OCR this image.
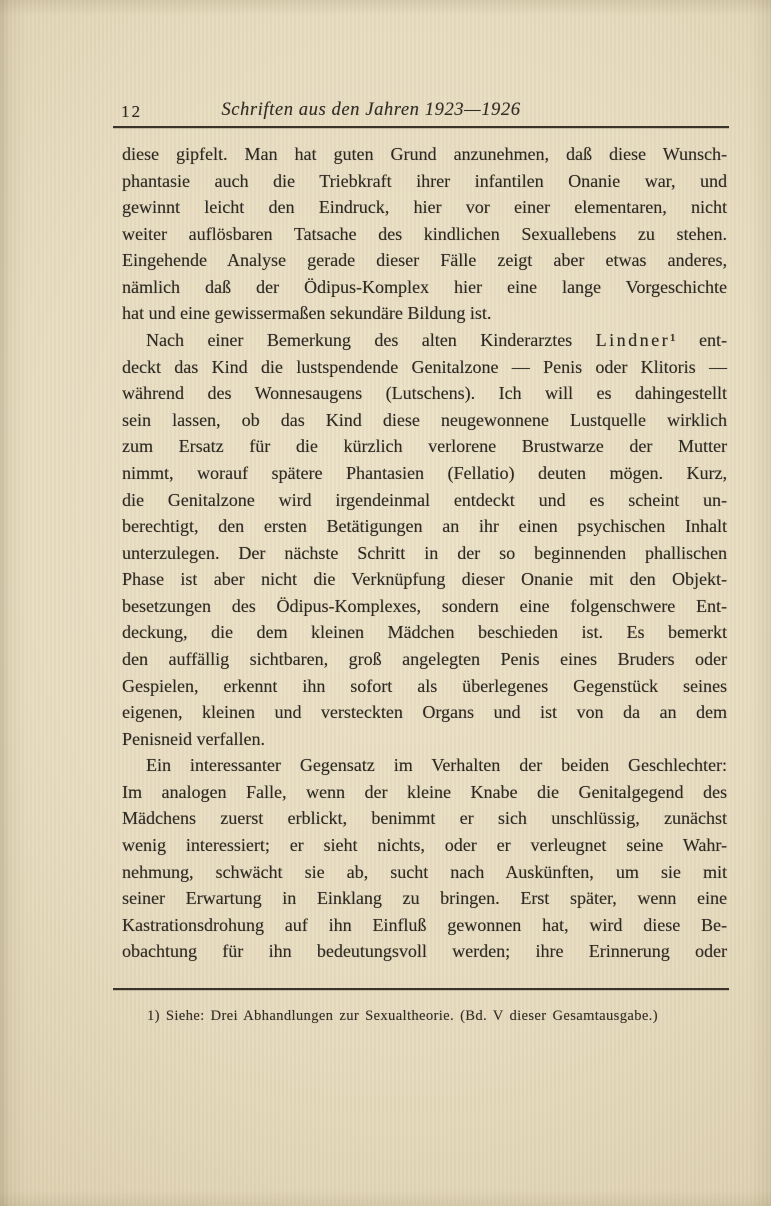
12	Schriften aus den Jahren 1923—1926
diese gipfelt. Man hat guten Grund anzunehmen, daß diese Wunsch-
phantasie auch die Triebkraft ihrer infantilen Onanie war, und
gewinnt leicht den Eindruck, hier vor einer elementaren, nicht
weiter auflösbaren Tatsache des kindlichen Sexuallebens zu stehen.
Eingehende Analyse gerade dieser Fälle zeigt aber etwas anderes,
nämlich daß der Ödipus-Komplex hier eine lange Vorgeschichte
hat und eine gewissermaßen sekundäre Bildung ist.
Nach einer Bemerkung des alten Kinderarztes Lindner¹ ent-
deckt das Kind die lustspendende Genitalzone — Penis oder Klitoris —
während des Wonnesaugens (Lutschens). Ich will es dahingestellt
sein lassen, ob das Kind diese neugewonnene Lustquelle wirklich
zum Ersatz für die kürzlich verlorene Brustwarze der Mutter
nimmt, worauf spätere Phantasien (Fellatio) deuten mögen. Kurz,
die Genitalzone wird irgendeinmal entdeckt und es scheint un-
berechtigt, den ersten Betätigungen an ihr einen psychischen Inhalt
unterzulegen. Der nächste Schritt in der so beginnenden phallischen
Phase ist aber nicht die Verknüpfung dieser Onanie mit den Objekt-
besetzungen des Ödipus-Komplexes, sondern eine folgenschwere Ent-
deckung, die dem kleinen Mädchen beschieden ist. Es bemerkt
den auffällig sichtbaren, groß angelegten Penis eines Bruders oder
Gespielen, erkennt ihn sofort als überlegenes Gegenstück seines
eigenen, kleinen und versteckten Organs und ist von da an dem
Penisneid verfallen.
Ein interessanter Gegensatz im Verhalten der beiden Geschlechter:
Im analogen Falle, wenn der kleine Knabe die Genitalgegend des
Mädchens zuerst erblickt, benimmt er sich unschlüssig, zunächst
wenig interessiert; er sieht nichts, oder er verleugnet seine Wahr-
nehmung, schwächt sie ab, sucht nach Auskünften, um sie mit
seiner Erwartung in Einklang zu bringen. Erst später, wenn eine
Kastrationsdrohung auf ihn Einfluß gewonnen hat, wird diese Be-
obachtung für ihn bedeutungsvoll werden; ihre Erinnerung oder
1) Siehe: Drei Abhandlungen zur Sexualtheorie. (Bd. V dieser Gesamtausgabe.)
